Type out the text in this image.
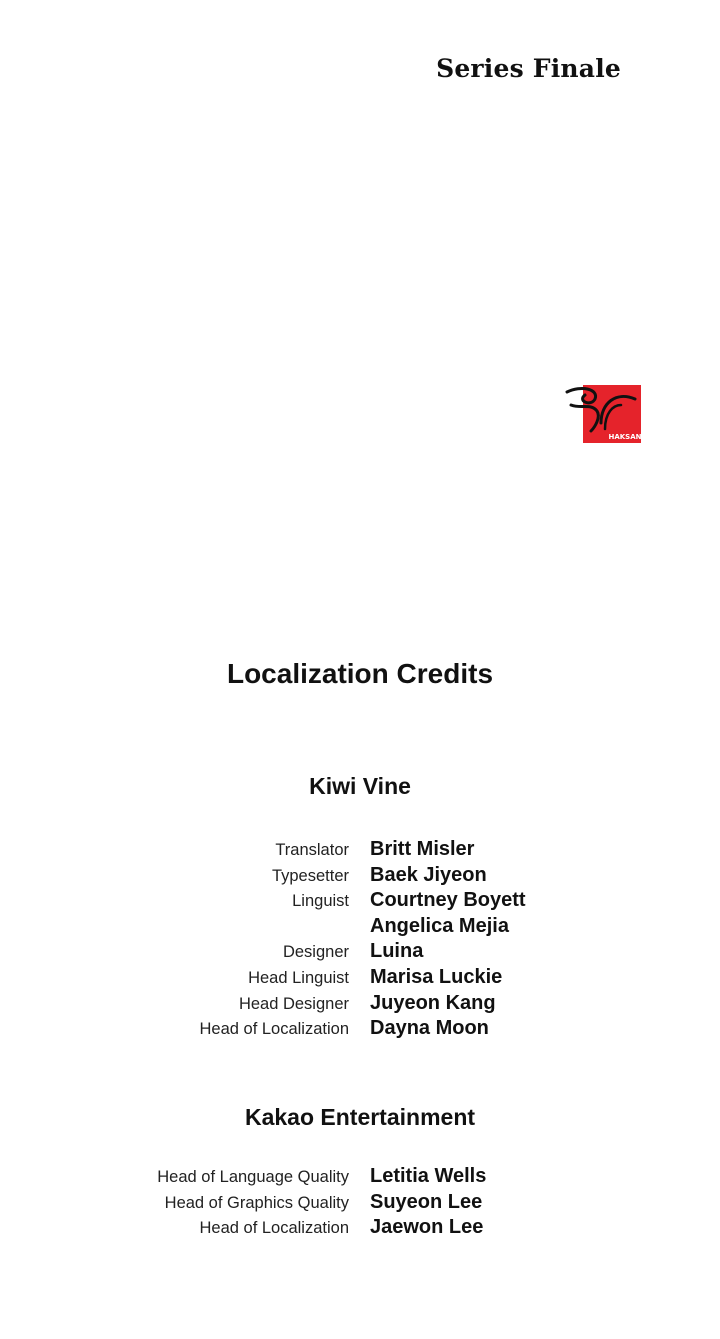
Series Finale
HAKSAN
Localization Credits
Kiwi Vine
Translator Britt Misler
Typesetter Baek Jiyeon
Linguist Courtney Boyett
Angelica Mejia
Designer Luina
Head Linguist Marisa Luckie
Head Designer Juyeon Kang
Head of Localization Dayna Moon
Kakao Entertainment
Head of Language Quality Letitia Wells
Head of Graphics Quality Suyeon Lee
Head of Localization Jaewon Lee
